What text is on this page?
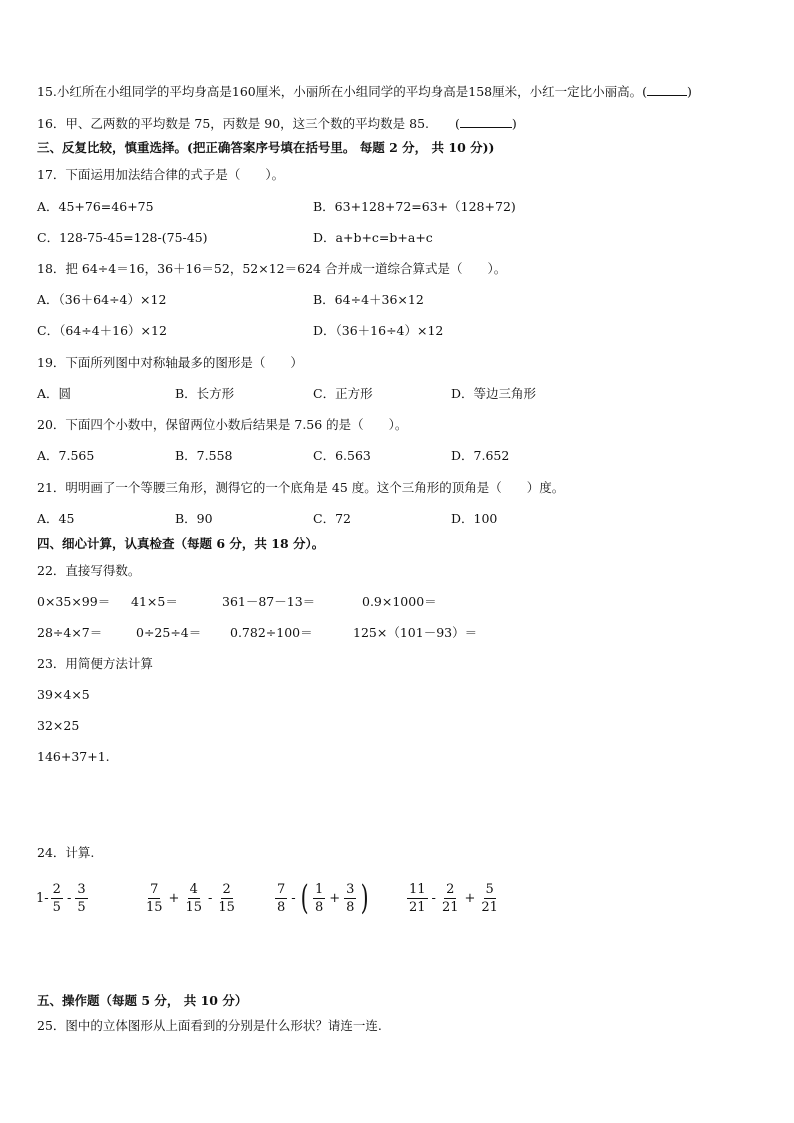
15.小红所在小组同学的平均身高是160厘米，小丽所在小组同学的平均身高是158厘米，小红一定比小丽高。(	)
16．甲、乙两数的平均数是 75，丙数是 90，这三个数的平均数是 85. (	)
三、反复比较，慎重选择。(把正确答案序号填在括号里。 每题 2 分， 共 10 分))
17．下面运用加法结合律的式子是（　　）。
A．45+76=46+75	B．63+128+72=63+（128+72)
C．128-75-45=128-(75-45)	D．a+b+c=b+a+c
18．把 64÷4＝16，36＋16＝52，52×12＝624 合并成一道综合算式是（　　）。
A．（36＋64÷4）×12	B．64÷4＋36×12
C．（64÷4＋16）×12	D．（36＋16÷4）×12
19．下面所列图中对称轴最多的图形是（　　）
A．圆	B．长方形	C．正方形	D．等边三角形
20．下面四个小数中，保留两位小数后结果是 7.56 的是（　　）。
A．7.565	B．7.558	C．6.563	D．7.652
21．明明画了一个等腰三角形，测得它的一个底角是 45 度。这个三角形的顶角是（　　）度。
A．45	B．90	C．72	D．100
四、细心计算，认真检查（每题 6 分，共 18 分）。
22．直接写得数。
0×35×99＝ 41×5＝	361－87－13＝	0.9×1000＝
28÷4×7＝	0÷25÷4＝ 0.782÷100＝	125×（101－93）＝
23．用简便方法计算
39×4×5
32×25
146+37+1.
24．计算.
$1- \frac{2}{5} - \frac{3}{5}$	$\frac{7}{15} + \frac{4}{15} - \frac{2}{15}$	$\frac{7}{8}$ - ( $\frac{1}{8} + \frac{3}{8}$ )	$\frac{11}{21} - \frac{2}{21} + \frac{5}{21}$
五、操作题（每题 5 分， 共 10 分）
25．图中的立体图形从上面看到的分别是什么形状？请连一连.
